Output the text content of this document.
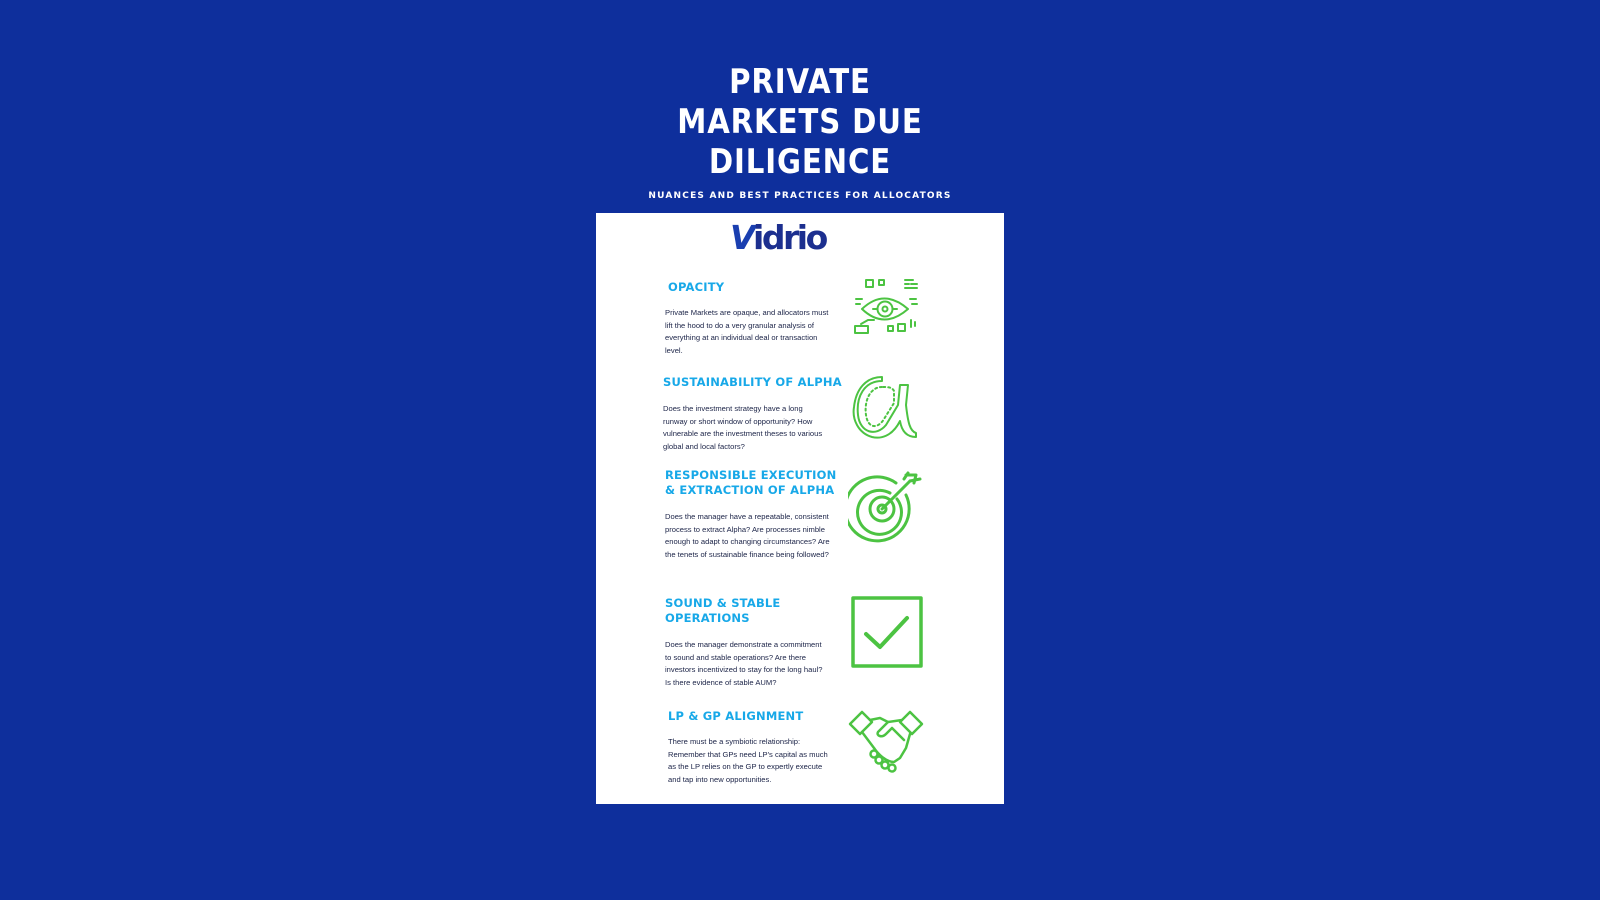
PRIVATE
MARKETS DUE
DILIGENCE
NUANCES AND BEST PRACTICES FOR ALLOCATORS
Vidrio
OPACITY
Private Markets are opaque, and allocators must lift the hood to do a very granular analysis of everything at an individual deal or transaction level.
SUSTAINABILITY OF ALPHA
Does the investment strategy have a long runway or short window of opportunity? How vulnerable are the investment theses to various global and local factors?
RESPONSIBLE EXECUTION
& EXTRACTION OF ALPHA
Does the manager have a repeatable, consistent process to extract Alpha? Are processes nimble enough to adapt to changing circumstances? Are the tenets of sustainable finance being followed?
SOUND & STABLE
OPERATIONS
Does the manager demonstrate a commitment to sound and stable operations? Are there investors incentivized to stay for the long haul? Is there evidence of stable AUM?
LP & GP ALIGNMENT
There must be a symbiotic relationship: Remember that GPs need LP's capital as much as the LP relies on the GP to expertly execute and tap into new opportunities.
